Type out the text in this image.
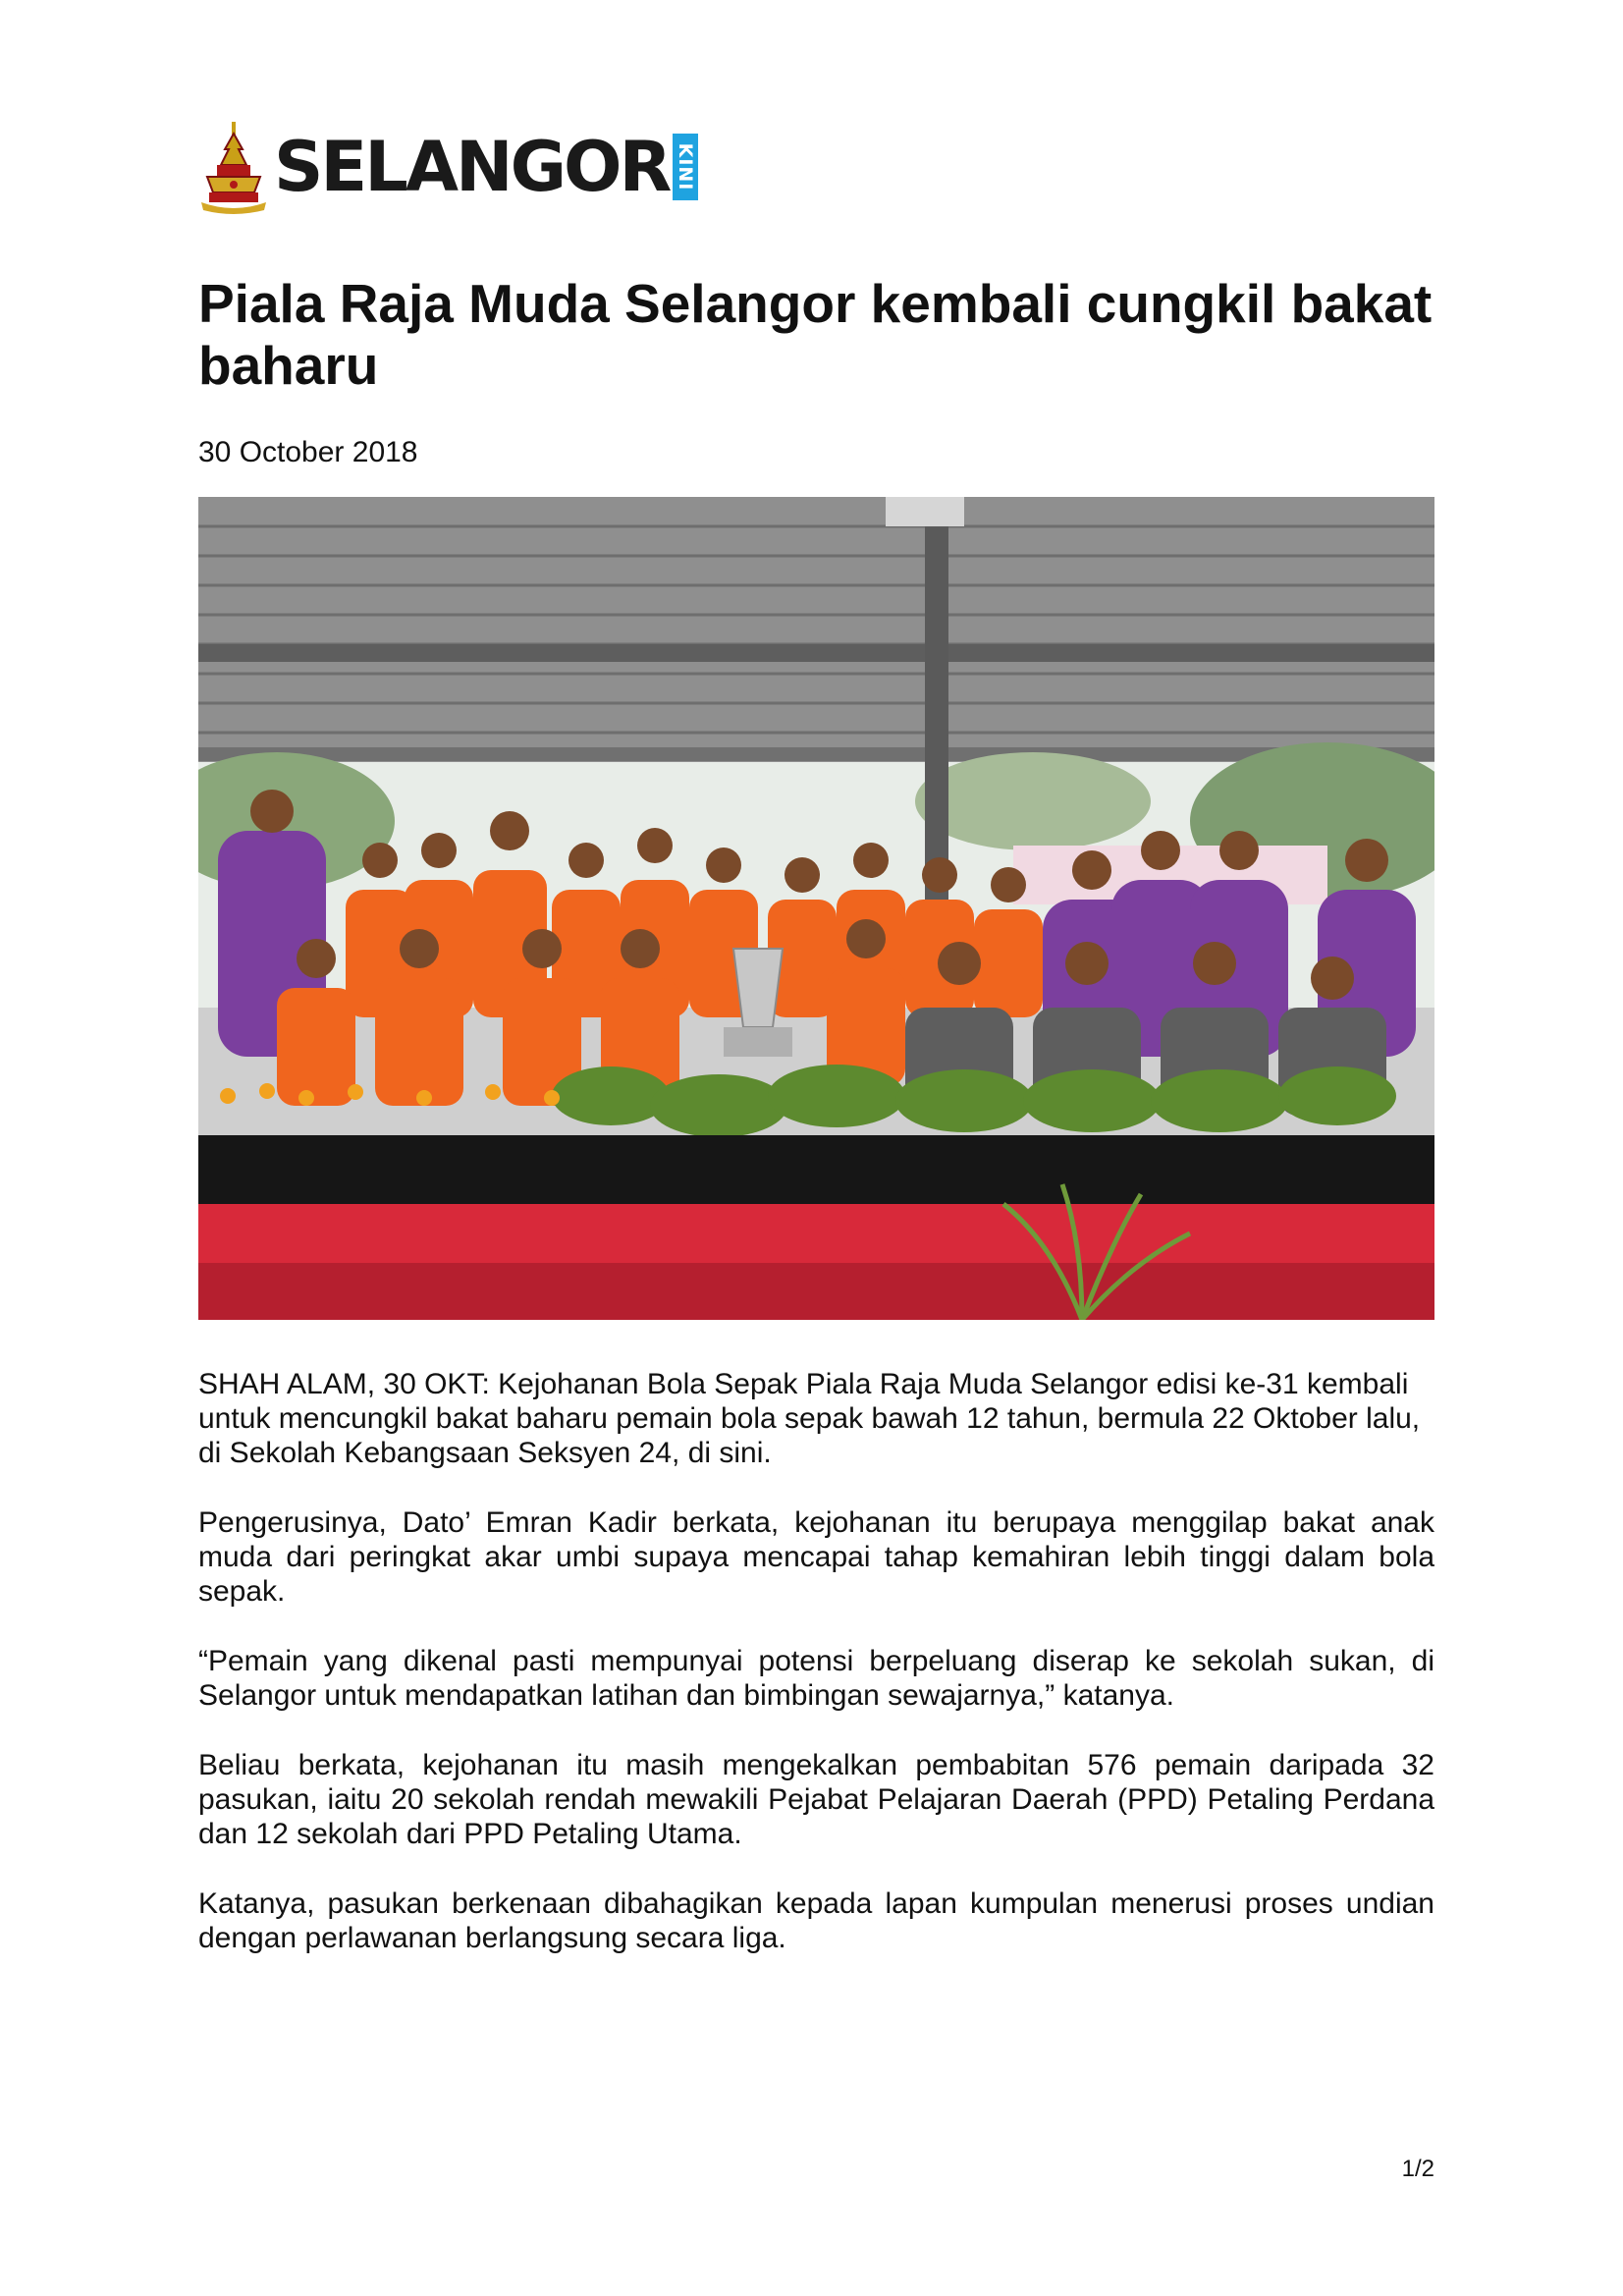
SELANGOR KINI
Piala Raja Muda Selangor kembali cungkil bakat baharu
30 October 2018

SHAH ALAM, 30 OKT: Kejohanan Bola Sepak Piala Raja Muda Selangor edisi ke-31 kembali untuk mencungkil bakat baharu pemain bola sepak bawah 12 tahun, bermula 22 Oktober lalu, di Sekolah Kebangsaan Seksyen 24, di sini.

Pengerusinya, Dato’ Emran Kadir berkata, kejohanan itu berupaya menggilap bakat anak muda dari peringkat akar umbi supaya mencapai tahap kemahiran lebih tinggi dalam bola sepak.

“Pemain yang dikenal pasti mempunyai potensi berpeluang diserap ke sekolah sukan, di Selangor untuk mendapatkan latihan dan bimbingan sewajarnya,” katanya.

Beliau berkata, kejohanan itu masih mengekalkan pembabitan 576 pemain daripada 32 pasukan, iaitu 20 sekolah rendah mewakili Pejabat Pelajaran Daerah (PPD) Petaling Perdana dan 12 sekolah dari PPD Petaling Utama.

Katanya, pasukan berkenaan dibahagikan kepada lapan kumpulan menerusi proses undian dengan perlawanan berlangsung secara liga.

1/2
